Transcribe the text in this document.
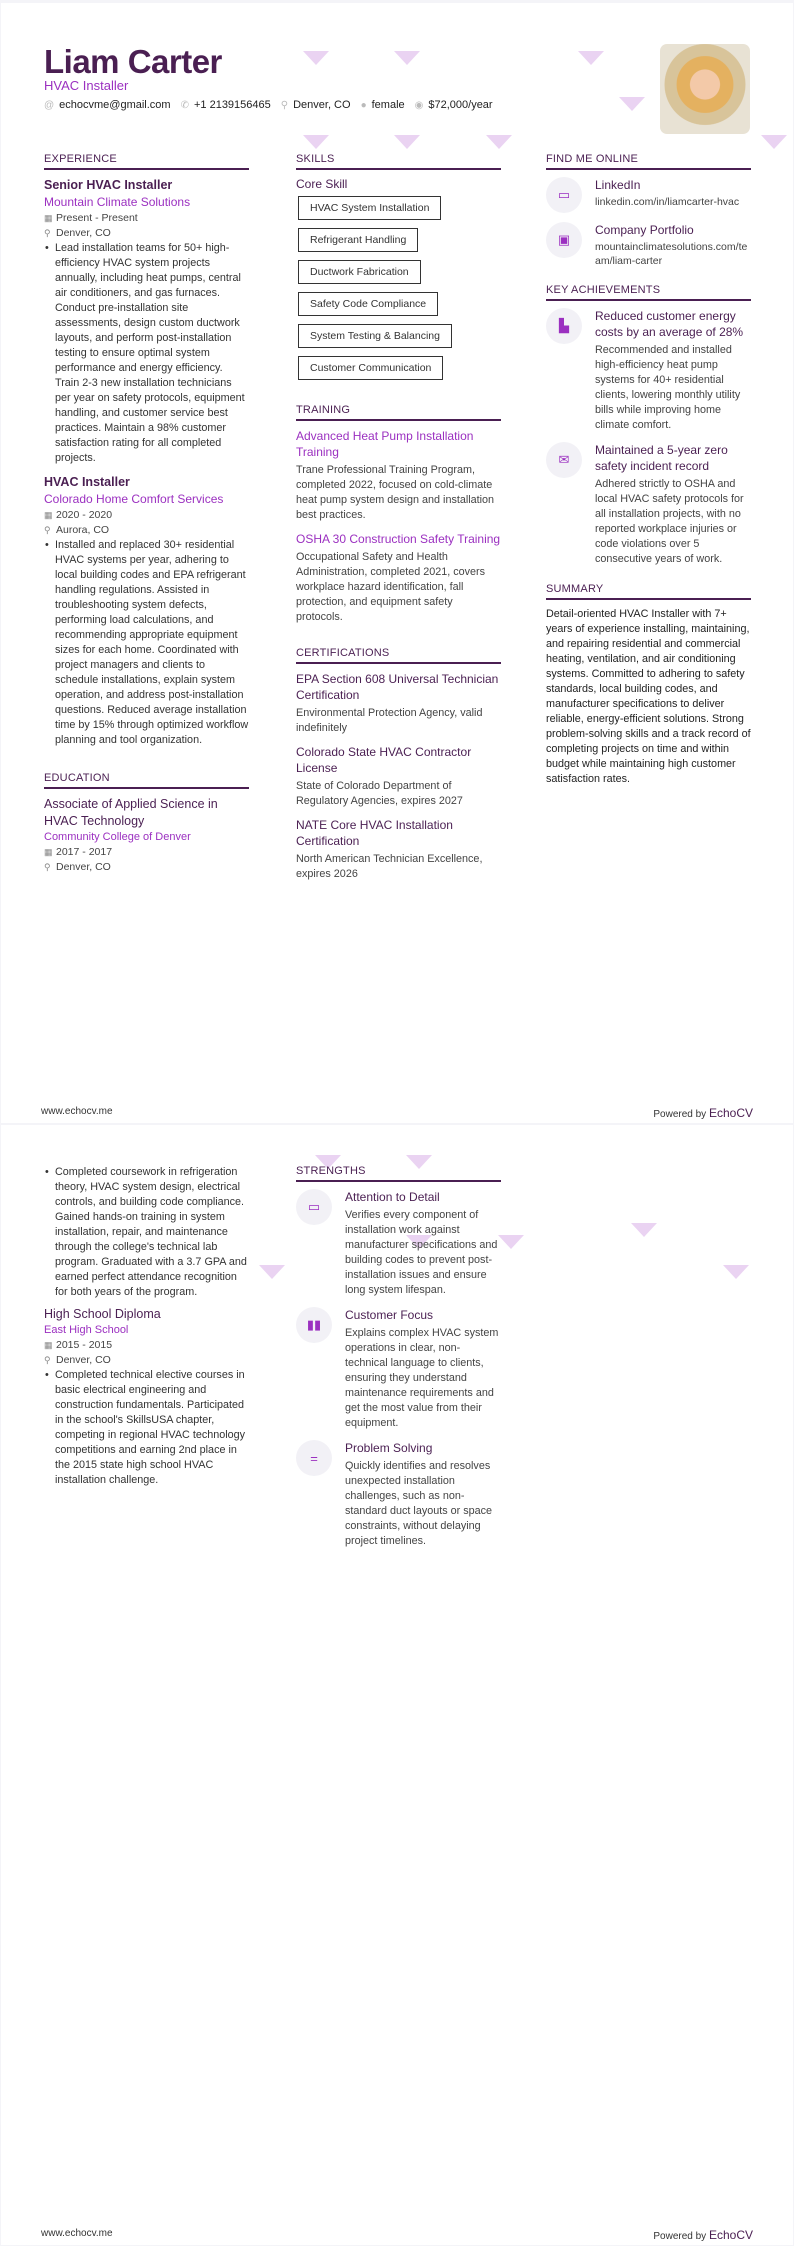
Liam Carter
HVAC Installer
@ echocvme@gmail.com ✆ +1 2139156465 ⚲ Denver, CO ● female ◉ $72,000/year
EXPERIENCE
Senior HVAC Installer
Mountain Climate Solutions
▦ Present - Present
⚲ Denver, CO
• Lead installation teams for 50+ high-efficiency HVAC system projects annually, including heat pumps, central air conditioners, and gas furnaces. Conduct pre-installation site assessments, design custom ductwork layouts, and perform post-installation testing to ensure optimal system performance and energy efficiency. Train 2-3 new installation technicians per year on safety protocols, equipment handling, and customer service best practices. Maintain a 98% customer satisfaction rating for all completed projects.
HVAC Installer
Colorado Home Comfort Services
▦ 2020 - 2020
⚲ Aurora, CO
• Installed and replaced 30+ residential HVAC systems per year, adhering to local building codes and EPA refrigerant handling regulations. Assisted in troubleshooting system defects, performing load calculations, and recommending appropriate equipment sizes for each home. Coordinated with project managers and clients to schedule installations, explain system operation, and address post-installation questions. Reduced average installation time by 15% through optimized workflow planning and tool organization.
EDUCATION
Associate of Applied Science in HVAC Technology
Community College of Denver
▦ 2017 - 2017
⚲ Denver, CO
SKILLS
Core Skill
HVAC System Installation
Refrigerant Handling
Ductwork Fabrication
Safety Code Compliance
System Testing & Balancing
Customer Communication
TRAINING
Advanced Heat Pump Installation Training
Trane Professional Training Program, completed 2022, focused on cold-climate heat pump system design and installation best practices.
OSHA 30 Construction Safety Training
Occupational Safety and Health Administration, completed 2021, covers workplace hazard identification, fall protection, and equipment safety protocols.
CERTIFICATIONS
EPA Section 608 Universal Technician Certification
Environmental Protection Agency, valid indefinitely
Colorado State HVAC Contractor License
State of Colorado Department of Regulatory Agencies, expires 2027
NATE Core HVAC Installation Certification
North American Technician Excellence, expires 2026
FIND ME ONLINE
▭
LinkedIn
linkedin.com/in/liamcarter-hvac
▣
Company Portfolio
mountainclimatesolutions.com/team/liam-carter
KEY ACHIEVEMENTS
▙
Reduced customer energy costs by an average of 28%
Recommended and installed high-efficiency heat pump systems for 40+ residential clients, lowering monthly utility bills while improving home climate comfort.
✉
Maintained a 5-year zero safety incident record
Adhered strictly to OSHA and local HVAC safety protocols for all installation projects, with no reported workplace injuries or code violations over 5 consecutive years of work.
SUMMARY
Detail-oriented HVAC Installer with 7+ years of experience installing, maintaining, and repairing residential and commercial heating, ventilation, and air conditioning systems. Committed to adhering to safety standards, local building codes, and manufacturer specifications to deliver reliable, energy-efficient solutions. Strong problem-solving skills and a track record of completing projects on time and within budget while maintaining high customer satisfaction rates.
www.echocv.me	Powered by EchoCV
• Completed coursework in refrigeration theory, HVAC system design, electrical controls, and building code compliance. Gained hands-on training in system installation, repair, and maintenance through the college's technical lab program. Graduated with a 3.7 GPA and earned perfect attendance recognition for both years of the program.
High School Diploma
East High School
▦ 2015 - 2015
⚲ Denver, CO
• Completed technical elective courses in basic electrical engineering and construction fundamentals. Participated in the school's SkillsUSA chapter, competing in regional HVAC technology competitions and earning 2nd place in the 2015 state high school HVAC installation challenge.
STRENGTHS
▭
Attention to Detail
Verifies every component of installation work against manufacturer specifications and building codes to prevent post-installation issues and ensure long system lifespan.
▮▮
Customer Focus
Explains complex HVAC system operations in clear, non-technical language to clients, ensuring they understand maintenance requirements and get the most value from their equipment.
=
Problem Solving
Quickly identifies and resolves unexpected installation challenges, such as non-standard duct layouts or space constraints, without delaying project timelines.
www.echocv.me	Powered by EchoCV
